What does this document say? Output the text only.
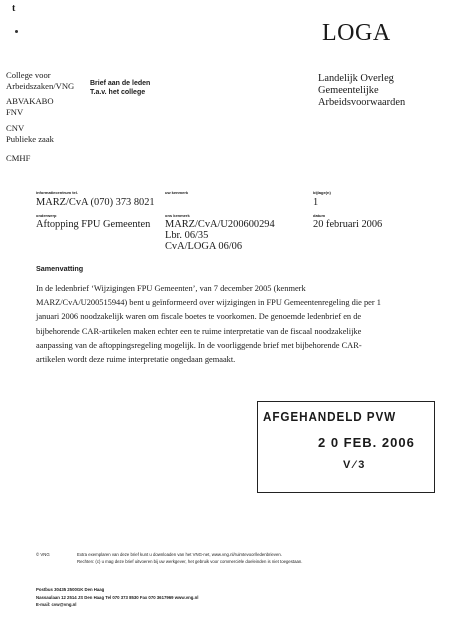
t
LOGA
College voor
Arbeidszaken/VNG
ABVAKABO
FNV
CNV
Publieke zaak
CMHF
Brief aan de leden
T.a.v. het college
Landelijk Overleg
Gemeentelijke
Arbeidsvoorwaarden
informatiecentrum tel.
MARZ/CvA (070) 373 8021
uw kenmerk	bijlage(n)
1
onderwerp
Aftopping FPU Gemeenten
ons kenmerk
MARZ/CvA/U200600294
Lbr. 06/35
CvA/LOGA 06/06
datum
20 februari 2006
Samenvatting
In de ledenbrief ‘Wijzigingen FPU Gemeenten’, van 7 december 2005 (kenmerk
MARZ/CvA/U200515944) bent u geïnformeerd over wijzigingen in FPU Gemeentenregeling die per 1
januari 2006 noodzakelijk waren om fiscale boetes te voorkomen. De genoemde ledenbrief en de
bijbehorende CAR-artikelen maken echter een te ruime interpretatie van de fiscaal noodzakelijke
aanpassing van de aftoppingsregeling mogelijk. In de voorliggende brief met bijbehorende CAR-
artikelen wordt deze ruime interpretatie ongedaan gemaakt.
AFGEHANDELD PVW
2 0 FEB. 2006
V ⁄ 3
© VNG	Extra exemplaren van deze brief kunt u downloaden van het VNG-net, www.vng.nl/ruimtevoor/ledenbrieven.
Rechten: (c) u mag deze brief uitvoeren bij uw werkgever, het gebruik voor commerciële doeleinden is niet toegestaan.
Postbus 30435 2500GK Den Haag
Nassaulaan 12 2514 JS Den Haag Tel 070 373 8530 Fax 070 3617969 www.vng.nl
E-mail: cvw@vng.nl
